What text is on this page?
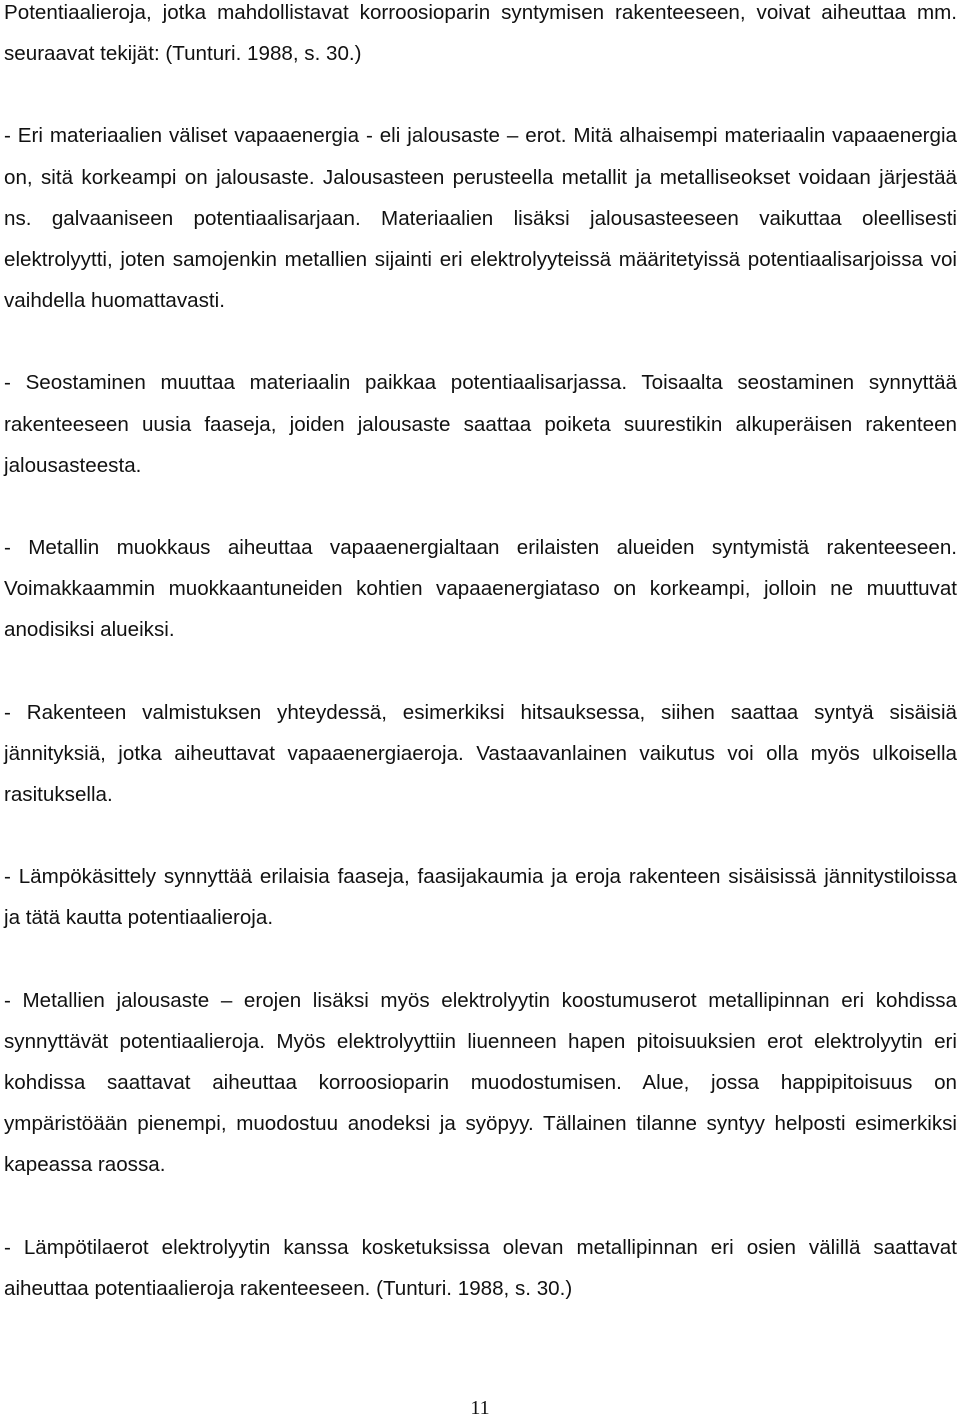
Potentiaalieroja, jotka mahdollistavat korroosioparin syntymisen rakenteeseen, voivat aiheuttaa mm. seuraavat tekijät: (Tunturi. 1988, s. 30.)

- Eri materiaalien väliset vapaaenergia - eli jalousaste – erot. Mitä alhaisempi materiaalin vapaaenergia on, sitä korkeampi on jalousaste. Jalousasteen perusteella metallit ja metalliseokset voidaan järjestää ns. galvaaniseen potentiaalisarjaan. Materiaalien lisäksi jalousasteeseen vaikuttaa oleellisesti elektrolyytti, joten samojenkin metallien sijainti eri elektrolyyteissä määritetyissä potentiaalisarjoissa voi vaihdella huomattavasti.

- Seostaminen muuttaa materiaalin paikkaa potentiaalisarjassa. Toisaalta seostaminen synnyttää rakenteeseen uusia faaseja, joiden jalousaste saattaa poiketa suurestikin alkuperäisen rakenteen jalousasteesta.

- Metallin muokkaus aiheuttaa vapaaenergialtaan erilaisten alueiden syntymistä rakenteeseen. Voimakkaammin muokkaantuneiden kohtien vapaaenergiataso on korkeampi, jolloin ne muuttuvat anodisiksi alueiksi.

- Rakenteen valmistuksen yhteydessä, esimerkiksi hitsauksessa, siihen saattaa syntyä sisäisiä jännityksiä, jotka aiheuttavat vapaaenergiaeroja. Vastaavanlainen vaikutus voi olla myös ulkoisella rasituksella.

- Lämpökäsittely synnyttää erilaisia faaseja, faasijakaumia ja eroja rakenteen sisäisissä jännitystiloissa ja tätä kautta potentiaalieroja.

- Metallien jalousaste – erojen lisäksi myös elektrolyytin koostumuserot metallipinnan eri kohdissa synnyttävät potentiaalieroja. Myös elektrolyyttiin liuenneen hapen pitoisuuksien erot elektrolyytin eri kohdissa saattavat aiheuttaa korroosioparin muodostumisen. Alue, jossa happipitoisuus on ympäristöään pienempi, muodostuu anodeksi ja syöpyy. Tällainen tilanne syntyy helposti esimerkiksi kapeassa raossa.

- Lämpötilaerot elektrolyytin kanssa kosketuksissa olevan metallipinnan eri osien välillä saattavat aiheuttaa potentiaalieroja rakenteeseen. (Tunturi. 1988, s. 30.)

11
